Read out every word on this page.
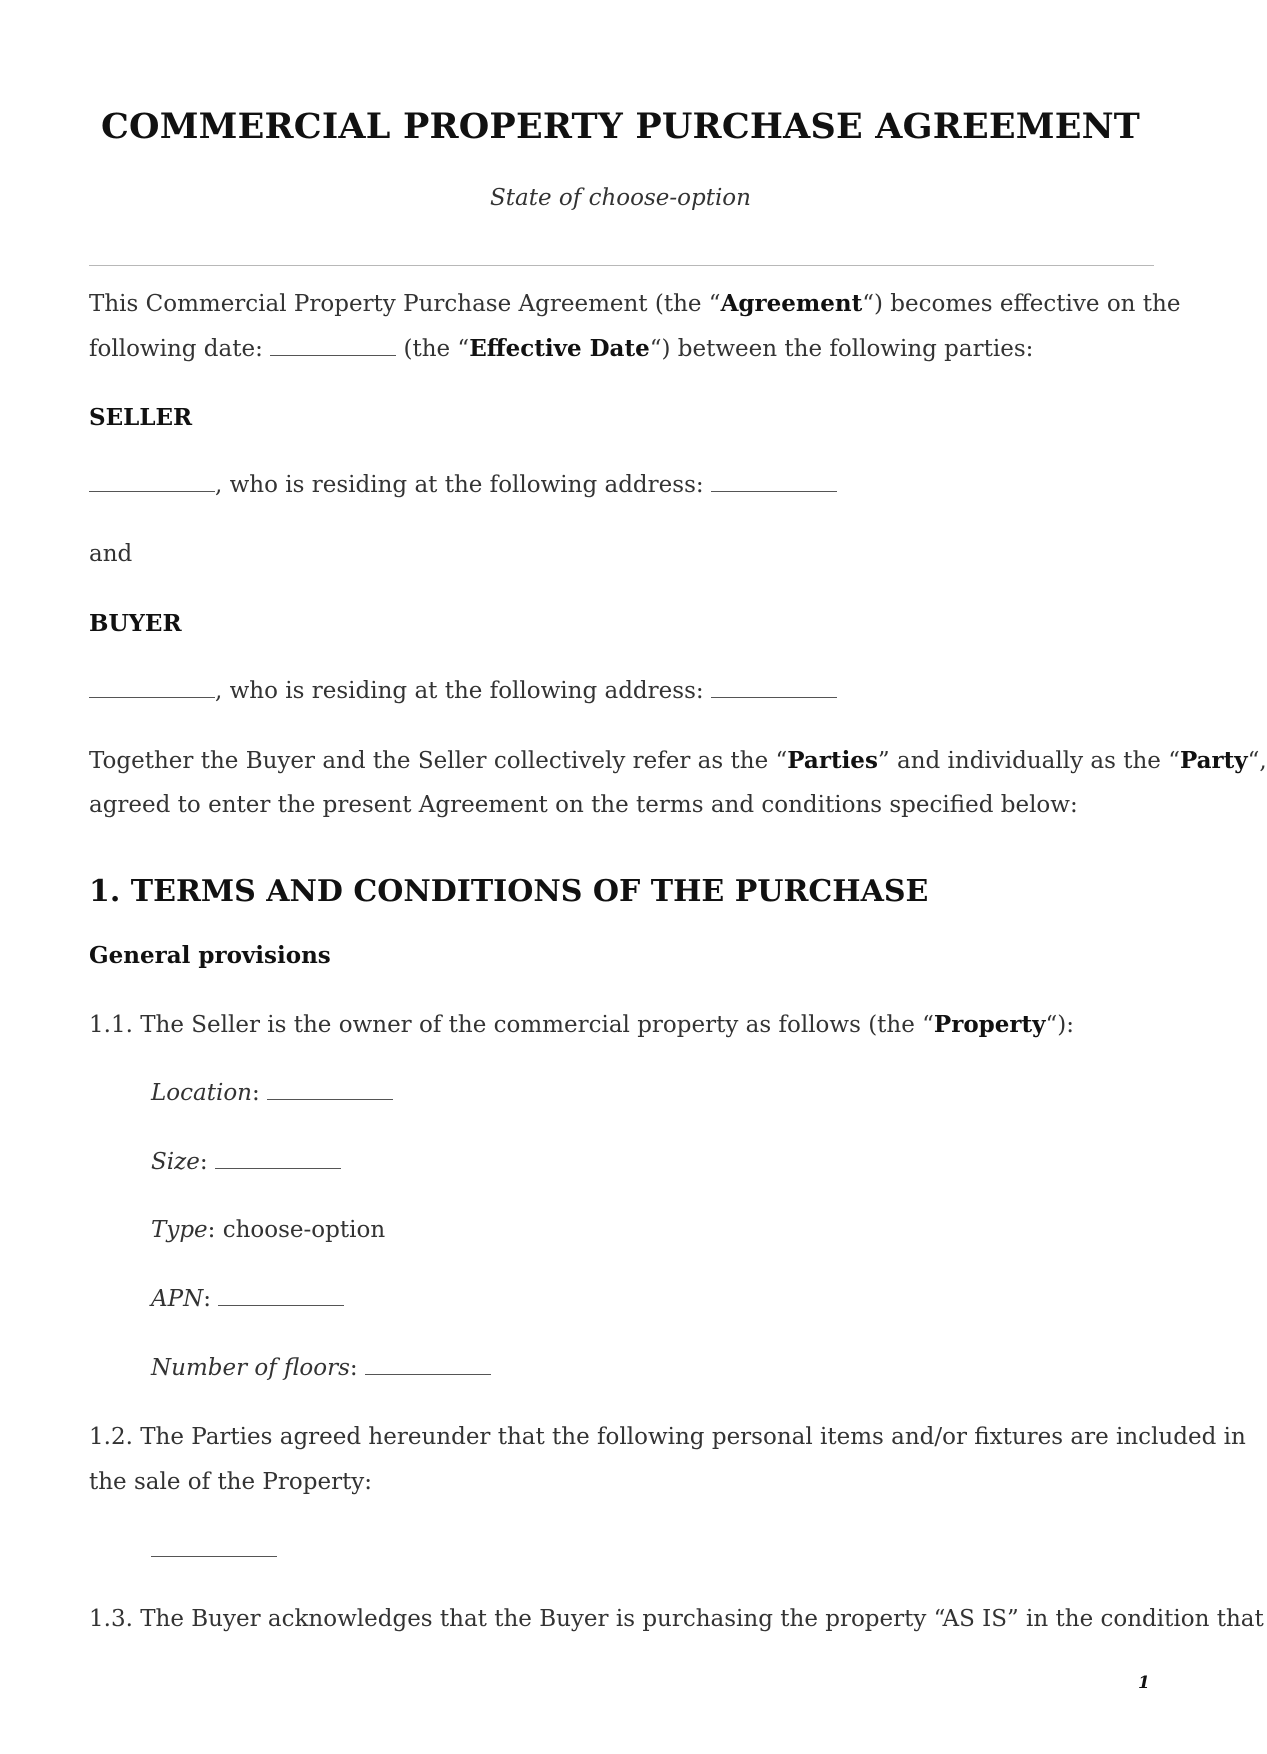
COMMERCIAL PROPERTY PURCHASE AGREEMENT
State of choose-option
This Commercial Property Purchase Agreement (the “Agreement“) becomes effective on the
following date:	(the “Effective Date“) between the following parties:
SELLER
, who is residing at the following address:
and
BUYER
, who is residing at the following address:
Together the Buyer and the Seller collectively refer as the “Parties” and individually as the “Party“,
agreed to enter the present Agreement on the terms and conditions specified below:
1. TERMS AND CONDITIONS OF THE PURCHASE
General provisions
1.1. The Seller is the owner of the commercial property as follows (the “Property“):
Location:
Size:
Type: choose-option
APN:
Number of floors:
1.2. The Parties agreed hereunder that the following personal items and/or fixtures are included in
the sale of the Property:
1.3. The Buyer acknowledges that the Buyer is purchasing the property “AS IS” in the condition that
1
